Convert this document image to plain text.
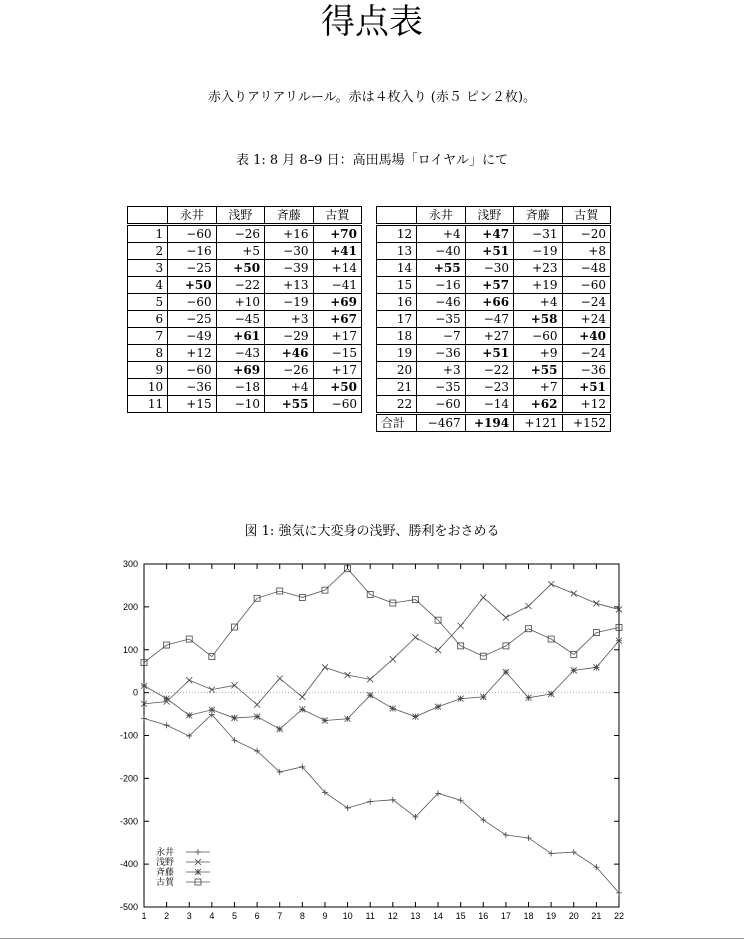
得点表
赤入りアリアリルール。赤は４枚入り (赤５ ピン２枚)。
表 1: 8 月 8–9 日：高田馬場「ロイヤル」にて
	永井	浅野	斉藤	古賀
1	−60	−26	+16	+70
2	−16	+5	−30	+41
3	−25	+50	−39	+14
4	+50	−22	+13	−41
5	−60	+10	−19	+69
6	−25	−45	+3	+67
7	−49	+61	−29	+17
8	+12	−43	+46	−15
9	−60	+69	−26	+17
10	−36	−18	+4	+50
11	+15	−10	+55	−60
	永井	浅野	斉藤	古賀
12	+4	+47	−31	−20
13	−40	+51	−19	+8
14	+55	−30	+23	−48
15	−16	+57	+19	−60
16	−46	+66	+4	−24
17	−35	−47	+58	+24
18	−7	+27	−60	+40
19	−36	+51	+9	−24
20	+3	−22	+55	−36
21	−35	−23	+7	+51
22	−60	−14	+62	+12
合計	−467	+194	+121	+152
図 1: 強気に大変身の浅野、勝利をおさめる
300
200
100
0
-100
-200
-300
-400
-500
1 2 3 4 5 6 7 8 9 10 11 12 13 14 15 16 17 18 19 20 21 22
永井
浅野
斉藤
古賀
